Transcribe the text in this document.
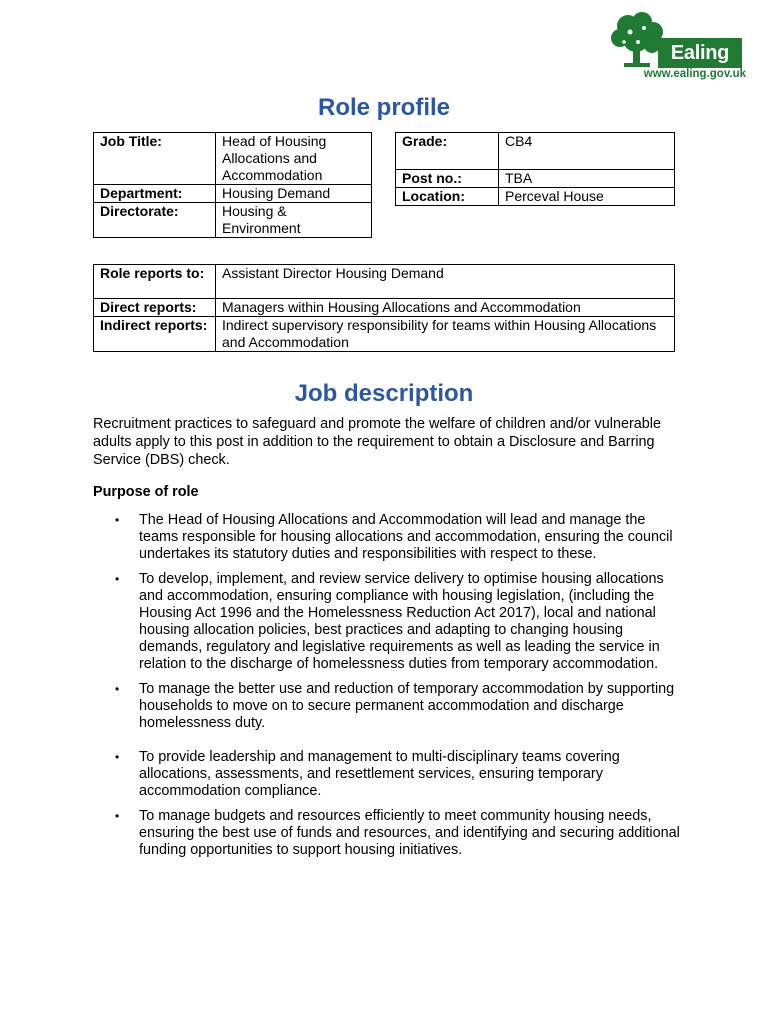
Ealing
www.ealing.gov.uk
Role profile
Job Title:	Head of Housing Allocations and Accommodation
Department:	Housing Demand
Directorate:	Housing & Environment
Grade:	CB4
Post no.:	TBA
Location:	Perceval House
Role reports to:	Assistant Director Housing Demand
Direct reports:	Managers within Housing Allocations and Accommodation
Indirect reports:	Indirect supervisory responsibility for teams within Housing Allocations and Accommodation
Job description

Recruitment practices to safeguard and promote the welfare of children and/or vulnerable adults apply to this post in addition to the requirement to obtain a Disclosure and Barring Service (DBS) check.

Purpose of role

• The Head of Housing Allocations and Accommodation will lead and manage the teams responsible for housing allocations and accommodation, ensuring the council undertakes its statutory duties and responsibilities with respect to these.
• To develop, implement, and review service delivery to optimise housing allocations and accommodation, ensuring compliance with housing legislation, (including the Housing Act 1996 and the Homelessness Reduction Act 2017), local and national housing allocation policies, best practices and adapting to changing housing demands, regulatory and legislative requirements as well as leading the service in relation to the discharge of homelessness duties from temporary accommodation.
• To manage the better use and reduction of temporary accommodation by supporting households to move on to secure permanent accommodation and discharge homelessness duty.
• To provide leadership and management to multi-disciplinary teams covering allocations, assessments, and resettlement services, ensuring temporary accommodation compliance.
• To manage budgets and resources efficiently to meet community housing needs, ensuring the best use of funds and resources, and identifying and securing additional funding opportunities to support housing initiatives.
